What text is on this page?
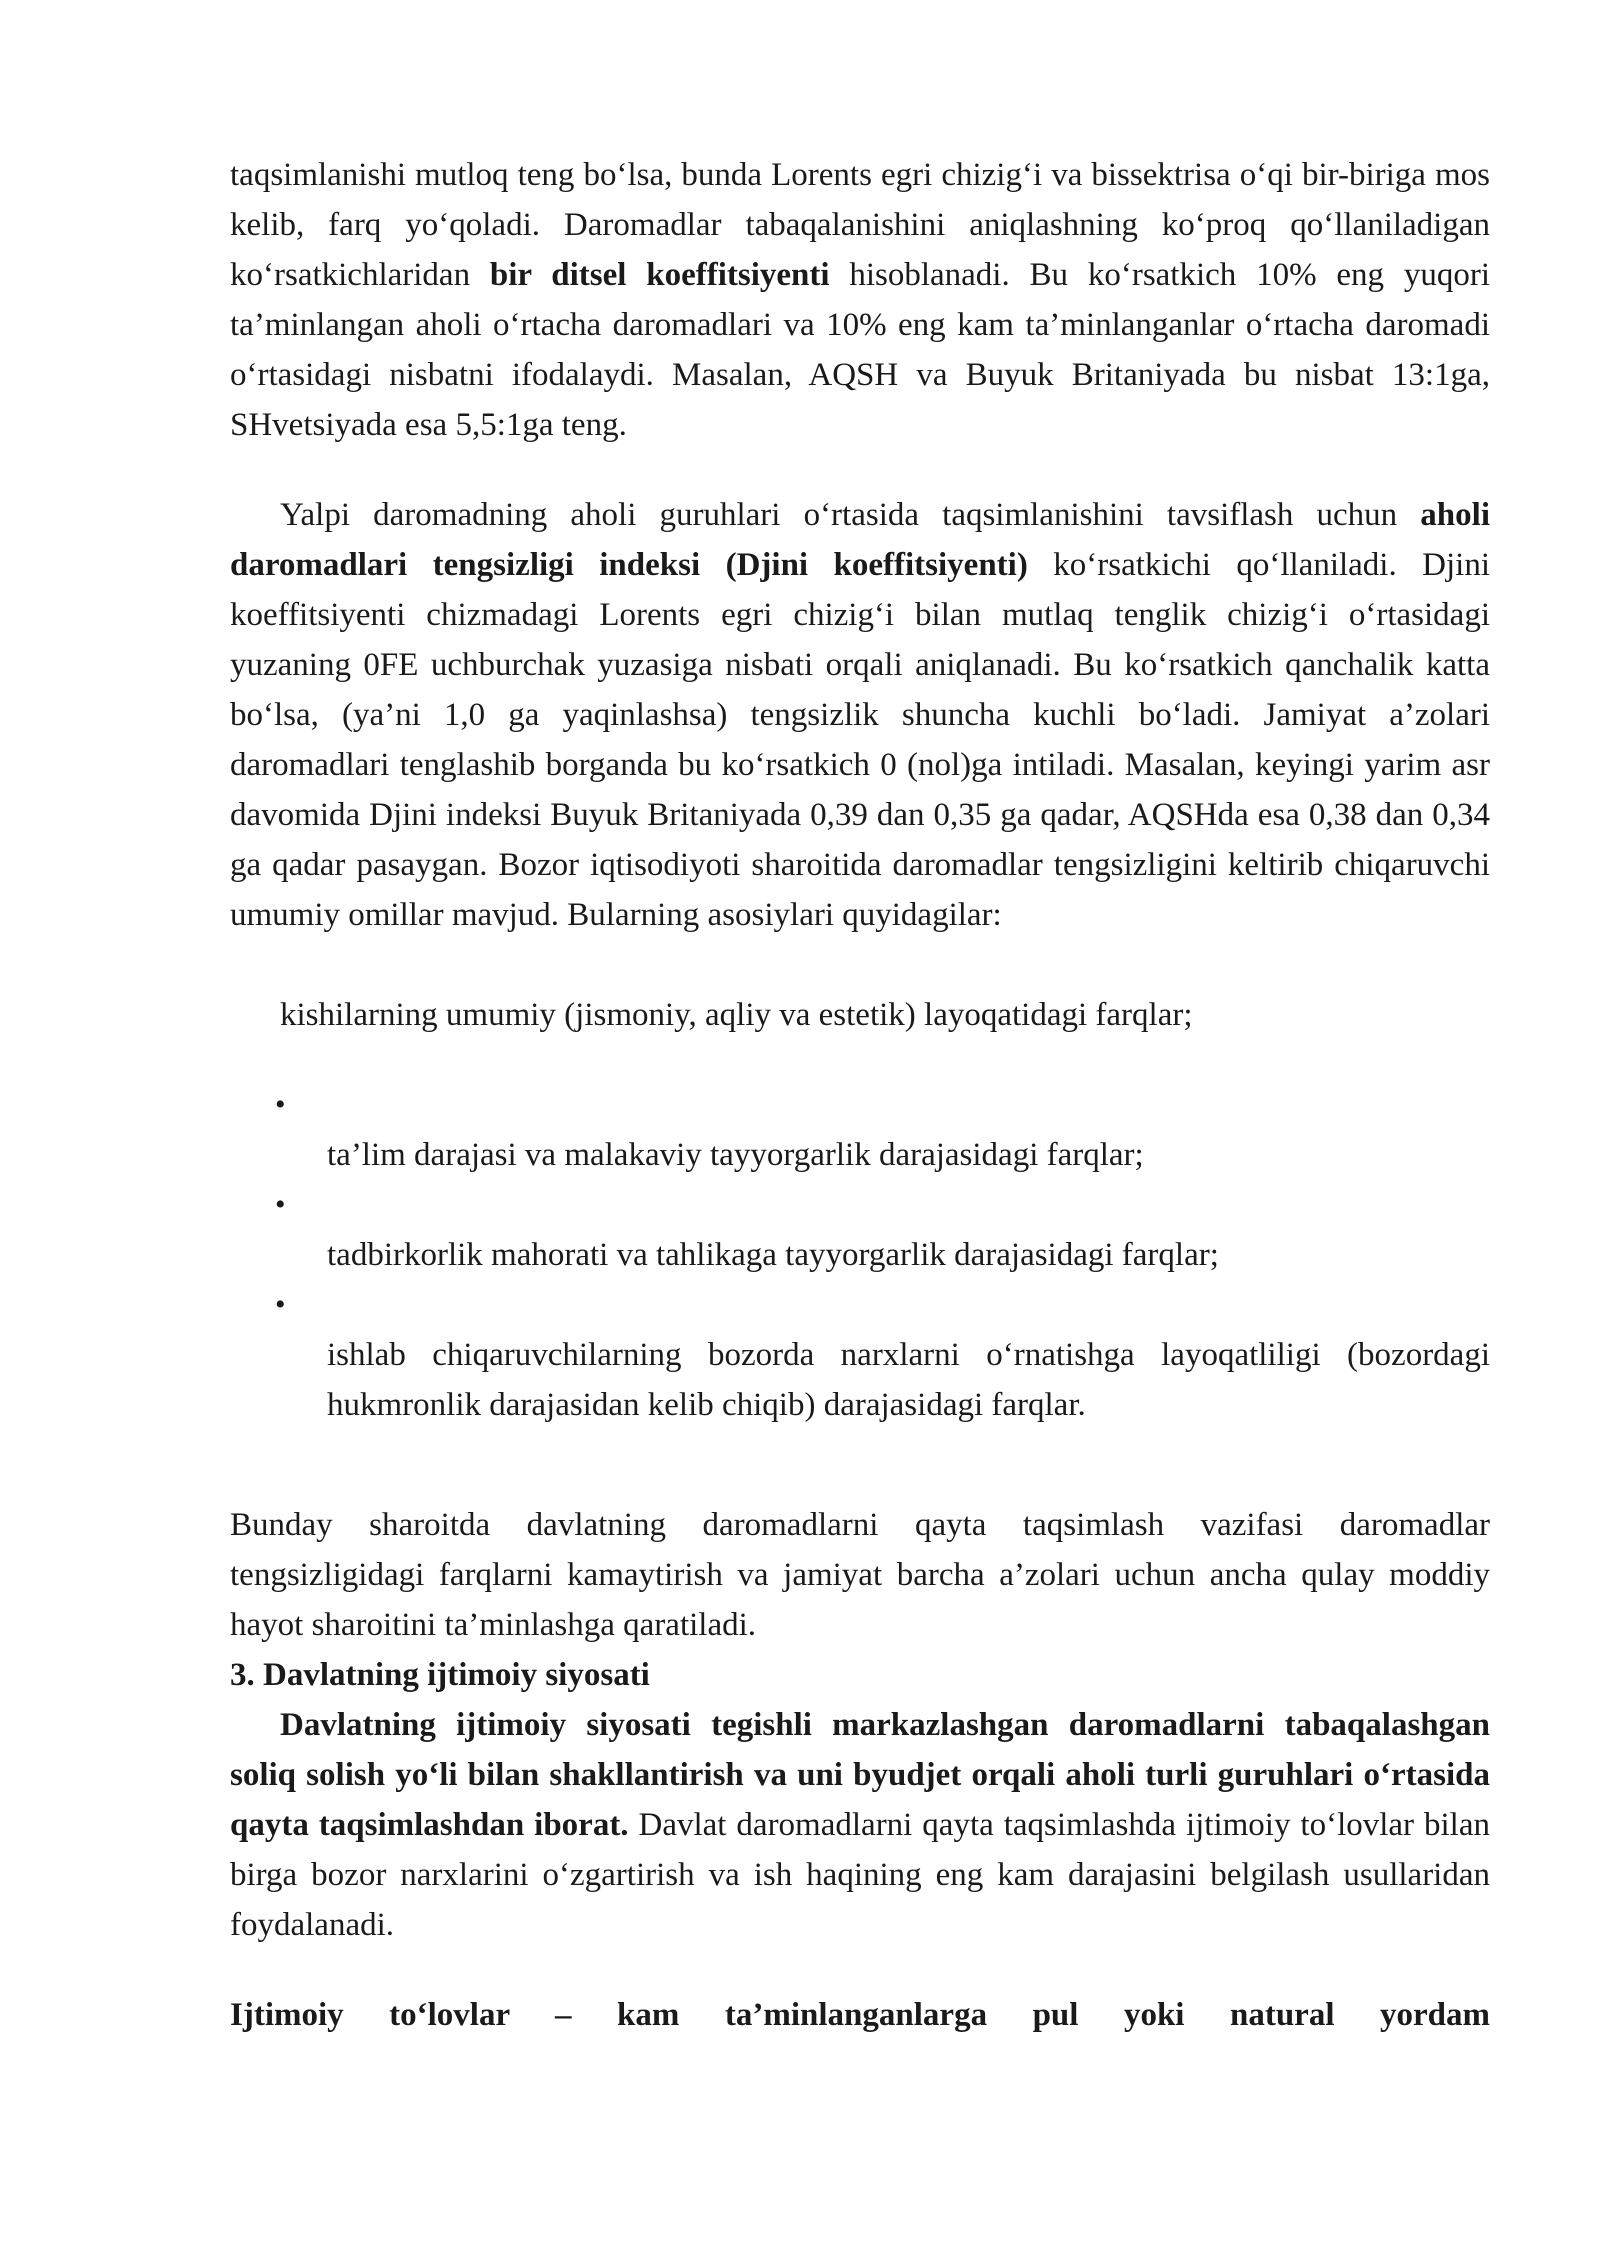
taqsimlanishi mutloq teng bo‘lsa, bunda Lorents egri chizig‘i va bissektrisa o‘qi bir-biriga mos kelib, farq yo‘qoladi. Daromadlar tabaqalanishini aniqlashning ko‘proq qo‘llaniladigan ko‘rsatkichlaridan bir ditsel koeffitsiyenti hisoblanadi. Bu ko‘rsatkich 10% eng yuqori ta’minlangan aholi o‘rtacha daromadlari va 10% eng kam ta’minlanganlar o‘rtacha daromadi o‘rtasidagi nisbatni ifodalaydi. Masalan, AQSH va Buyuk Britaniyada bu nisbat 13:1ga, SHvetsiyada esa 5,5:1ga teng.

Yalpi daromadning aholi guruhlari o‘rtasida taqsimlanishini tavsiflash uchun aholi daromadlari tengsizligi indeksi (Djini koeffitsiyenti) ko‘rsatkichi qo‘llaniladi. Djini koeffitsiyenti chizmadagi Lorents egri chizig‘i bilan mutlaq tenglik chizig‘i o‘rtasidagi yuzaning 0FE uchburchak yuzasiga nisbati orqali aniqlanadi. Bu ko‘rsatkich qanchalik katta bo‘lsa, (ya’ni 1,0 ga yaqinlashsa) tengsizlik shuncha kuchli bo‘ladi. Jamiyat a’zolari daromadlari tenglashib borganda bu ko‘rsatkich 0 (nol)ga intiladi. Masalan, keyingi yarim asr davomida Djini indeksi Buyuk Britaniyada 0,39 dan 0,35 ga qadar, AQSHda esa 0,38 dan 0,34 ga qadar pasaygan. Bozor iqtisodiyoti sharoitida daromadlar tengsizligini keltirib chiqaruvchi umumiy omillar mavjud. Bularning asosiylari quyidagilar:

kishilarning umumiy (jismoniy, aqliy va estetik) layoqatidagi farqlar;

•
ta’lim darajasi va malakaviy tayyorgarlik darajasidagi farqlar;
•
tadbirkorlik mahorati va tahlikaga tayyorgarlik darajasidagi farqlar;
•
ishlab chiqaruvchilarning bozorda narxlarni o‘rnatishga layoqatliligi (bozordagi hukmronlik darajasidan kelib chiqib) darajasidagi farqlar.

Bunday sharoitda davlatning daromadlarni qayta taqsimlash vazifasi daromadlar tengsizligidagi farqlarni kamaytirish va jamiyat barcha a’zolari uchun ancha qulay moddiy hayot sharoitini ta’minlashga qaratiladi.

3. Davlatning ijtimoiy siyosati

Davlatning ijtimoiy siyosati tegishli markazlashgan daromadlarni tabaqalashgan soliq solish yo‘li bilan shakllantirish va uni byudjet orqali aholi turli guruhlari o‘rtasida qayta taqsimlashdan iborat. Davlat daromadlarni qayta taqsimlashda ijtimoiy to‘lovlar bilan birga bozor narxlarini o‘zgartirish va ish haqining eng kam darajasini belgilash usullaridan foydalanadi.

Ijtimoiy to‘lovlar – kam ta’minlanganlarga pul yoki natural yordam
